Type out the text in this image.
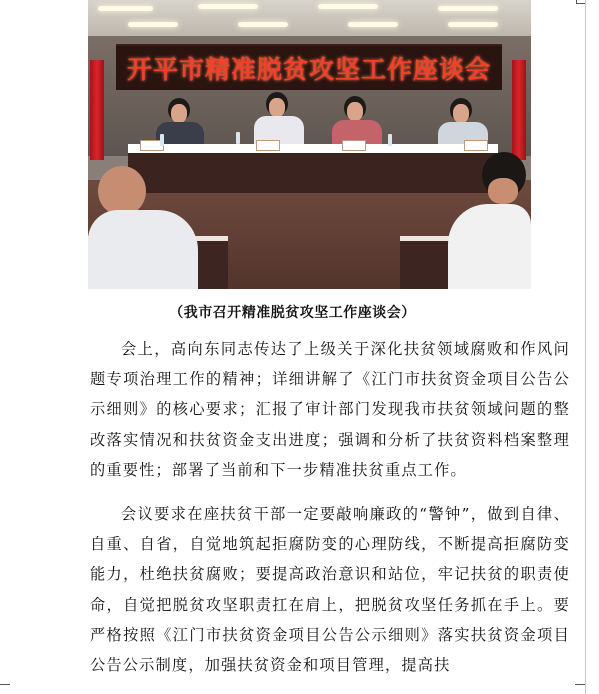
开平市精准脱贫攻坚工作座谈会
（我市召开精准脱贫攻坚工作座谈会）

会上，高向东同志传达了上级关于深化扶贫领域腐败和作风问题专项治理工作的精神；详细讲解了《江门市扶贫资金项目公告公示细则》的核心要求；汇报了审计部门发现我市扶贫领域问题的整改落实情况和扶贫资金支出进度；强调和分析了扶贫资料档案整理的重要性；部署了当前和下一步精准扶贫重点工作。

会议要求在座扶贫干部一定要敲响廉政的“警钟”，做到自律、自重、自省，自觉地筑起拒腐防变的心理防线，不断提高拒腐防变能力，杜绝扶贫腐败；要提高政治意识和站位，牢记扶贫的职责使命，自觉把脱贫攻坚职责扛在肩上，把脱贫攻坚任务抓在手上。要严格按照《江门市扶贫资金项目公告公示细则》落实扶贫资金项目公告公示制度，加强扶贫资金和项目管理，提高扶
